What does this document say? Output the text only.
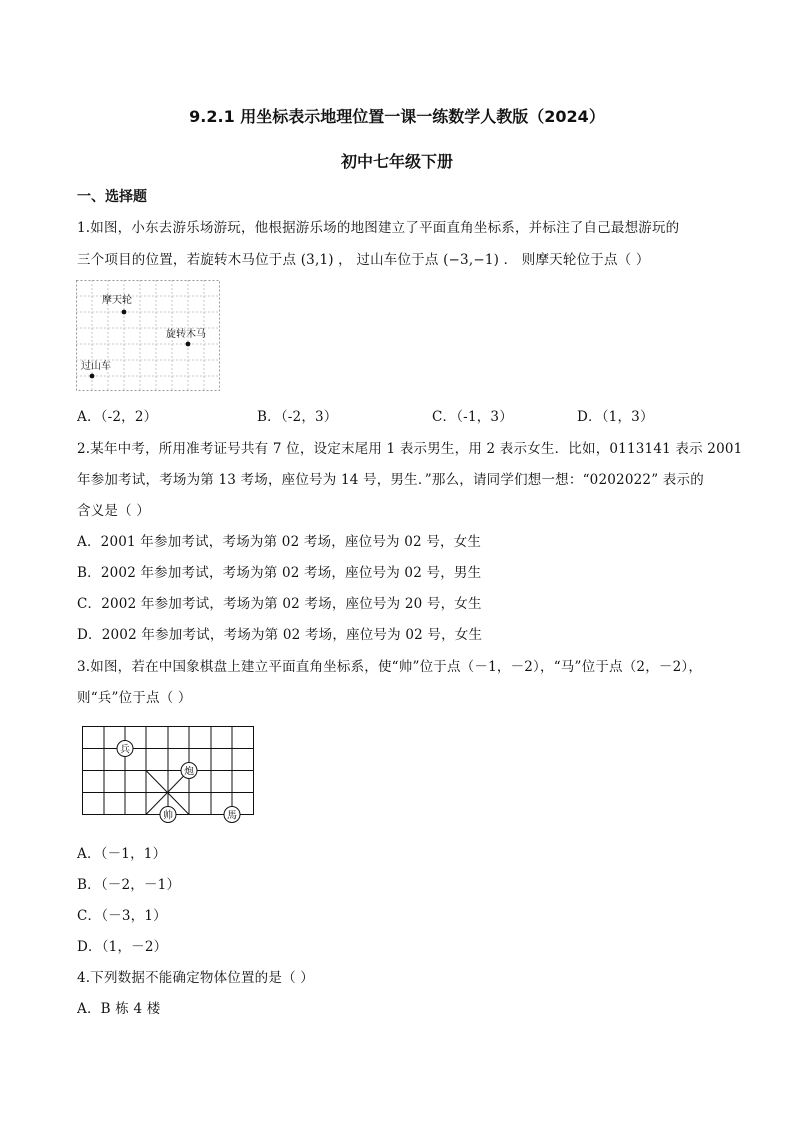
9.2.1 用坐标表示地理位置一课一练数学人教版（2024）
初中七年级下册
一、选择题
1.如图，小东去游乐场游玩，他根据游乐场的地图建立了平面直角坐标系，并标注了自己最想游玩的
三个项目的位置，若旋转木马位于点 (3,1) ， 过山车位于点 (−3,−1) ． 则摩天轮位于点（ ）
摩天轮
旋转木马
过山车
A．（-2，2）	B．（-2，3）	C．（-1，3）	D．（1，3）
2.某年中考，所用准考证号共有 7 位，设定末尾用 1 表示男生，用 2 表示女生．比如，0113141 表示 2001
年参加考试，考场为第 13 考场，座位号为 14 号，男生．”那么，请同学们想一想：“0202022” 表示的
含义是（ ）
A．2001 年参加考试，考场为第 02 考场，座位号为 02 号，女生
B．2002 年参加考试，考场为第 02 考场，座位号为 02 号，男生
C．2002 年参加考试，考场为第 02 考场，座位号为 20 号，女生
D．2002 年参加考试，考场为第 02 考场，座位号为 02 号，女生
3.如图，若在中国象棋盘上建立平面直角坐标系，使“帅”位于点（－1，－2），“马”位于点（2，－2），
则“兵”位于点（ ）
兵
炮
帅	馬
A．（－1，1）
B．（－2，－1）
C．（－3，1）
D．（1，－2）
4.下列数据不能确定物体位置的是（ ）
A．B 栋 4 楼
